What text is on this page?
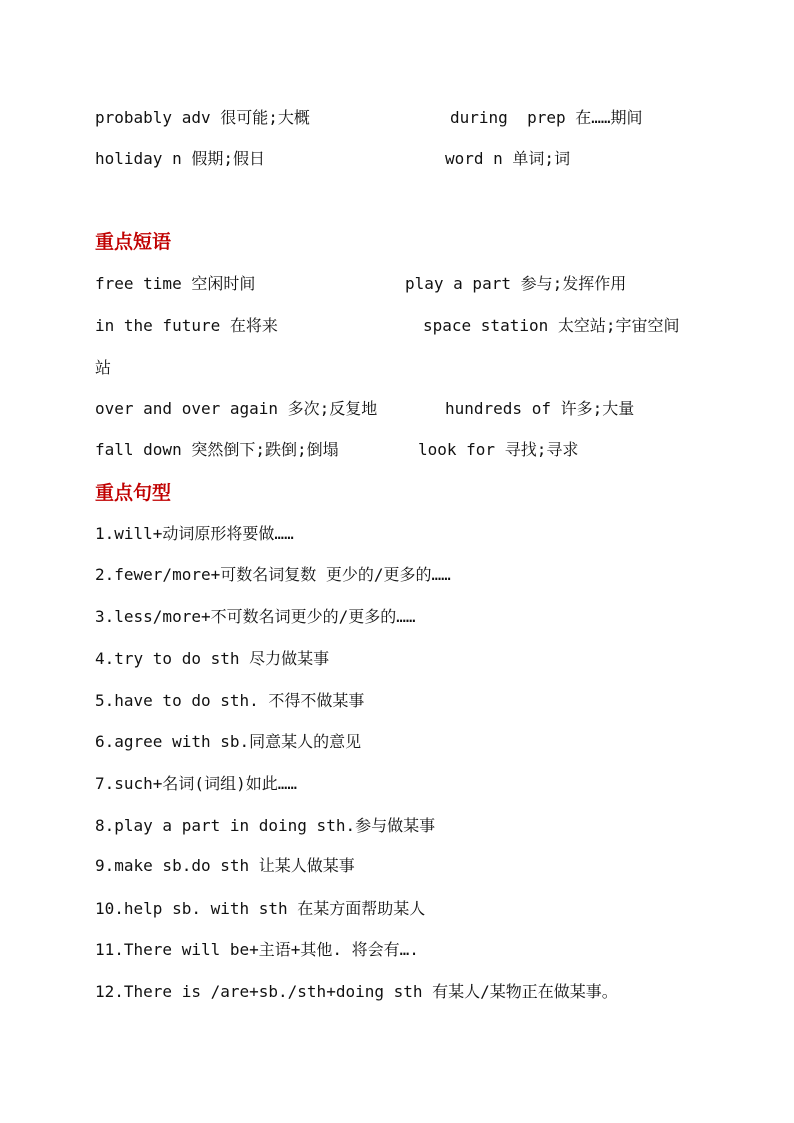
probably adv 很可能;大概	during  prep 在……期间
holiday n 假期;假日	word n 单词;词
重点短语
free time 空闲时间	play a part 参与;发挥作用
in the future 在将来	space station 太空站;宇宙空间
站
over and over again 多次;反复地	hundreds of 许多;大量
fall down 突然倒下;跌倒;倒塌	look for 寻找;寻求
重点句型
1.will+动词原形将要做……
2.fewer/more+可数名词复数 更少的/更多的……
3.less/more+不可数名词更少的/更多的……
4.try to do sth 尽力做某事
5.have to do sth. 不得不做某事
6.agree with sb.同意某人的意见
7.such+名词(词组)如此……
8.play a part in doing sth.参与做某事
9.make sb.do sth 让某人做某事
10.help sb. with sth 在某方面帮助某人
11.There will be+主语+其他. 将会有….
12.There is /are+sb./sth+doing sth 有某人/某物正在做某事。
